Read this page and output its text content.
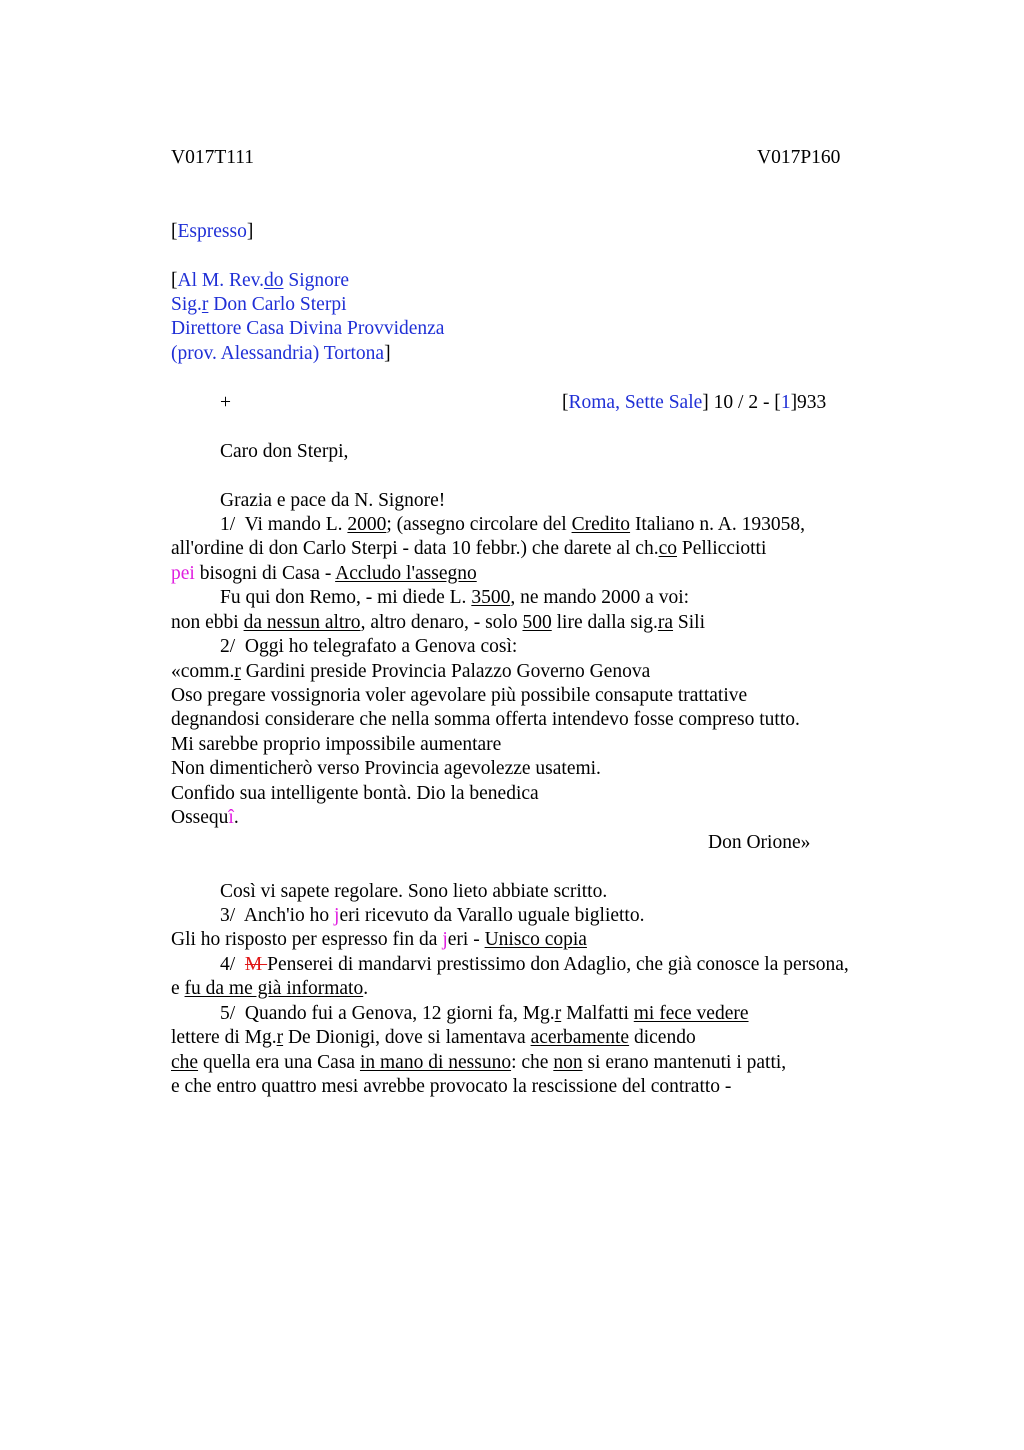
V017T111	V017P160
[Espresso]
[Al M. Rev.do Signore
Sig.r Don Carlo Sterpi
Direttore Casa Divina Provvidenza
(prov. Alessandria) Tortona]
+	[Roma, Sette Sale] 10 / 2 - [1]933
Caro don Sterpi,
Grazia e pace da N. Signore!
1/  Vi mando L. 2000; (assegno circolare del Credito Italiano n. A. 193058,
all'ordine di don Carlo Sterpi - data 10 febbr.) che darete al ch.co Pellicciotti
pei bisogni di Casa - Accludo l'assegno
Fu qui don Remo, - mi diede L. 3500, ne mando 2000 a voi:
non ebbi da nessun altro, altro denaro, - solo 500 lire dalla sig.ra Sili
2/  Oggi ho telegrafato a Genova così:
«comm.r Gardini preside Provincia Palazzo Governo Genova
Oso pregare vossignoria voler agevolare più possibile consapute trattative
degnandosi considerare che nella somma offerta intendevo fosse compreso tutto.
Mi sarebbe proprio impossibile aumentare
Non dimenticherò verso Provincia agevolezze usatemi.
Confido sua intelligente bontà. Dio la benedica
Ossequî.
Don Orione»
Così vi sapete regolare. Sono lieto abbiate scritto.
3/  Anch'io ho jeri ricevuto da Varallo uguale biglietto.
Gli ho risposto per espresso fin da jeri - Unisco copia
4/  M Penserei di mandarvi prestissimo don Adaglio, che già conosce la persona,
e fu da me già informato.
5/  Quando fui a Genova, 12 giorni fa, Mg.r Malfatti mi fece vedere
lettere di Mg.r De Dionigi, dove si lamentava acerbamente dicendo
che quella era una Casa in mano di nessuno: che non si erano mantenuti i patti,
e che entro quattro mesi avrebbe provocato la rescissione del contratto -
